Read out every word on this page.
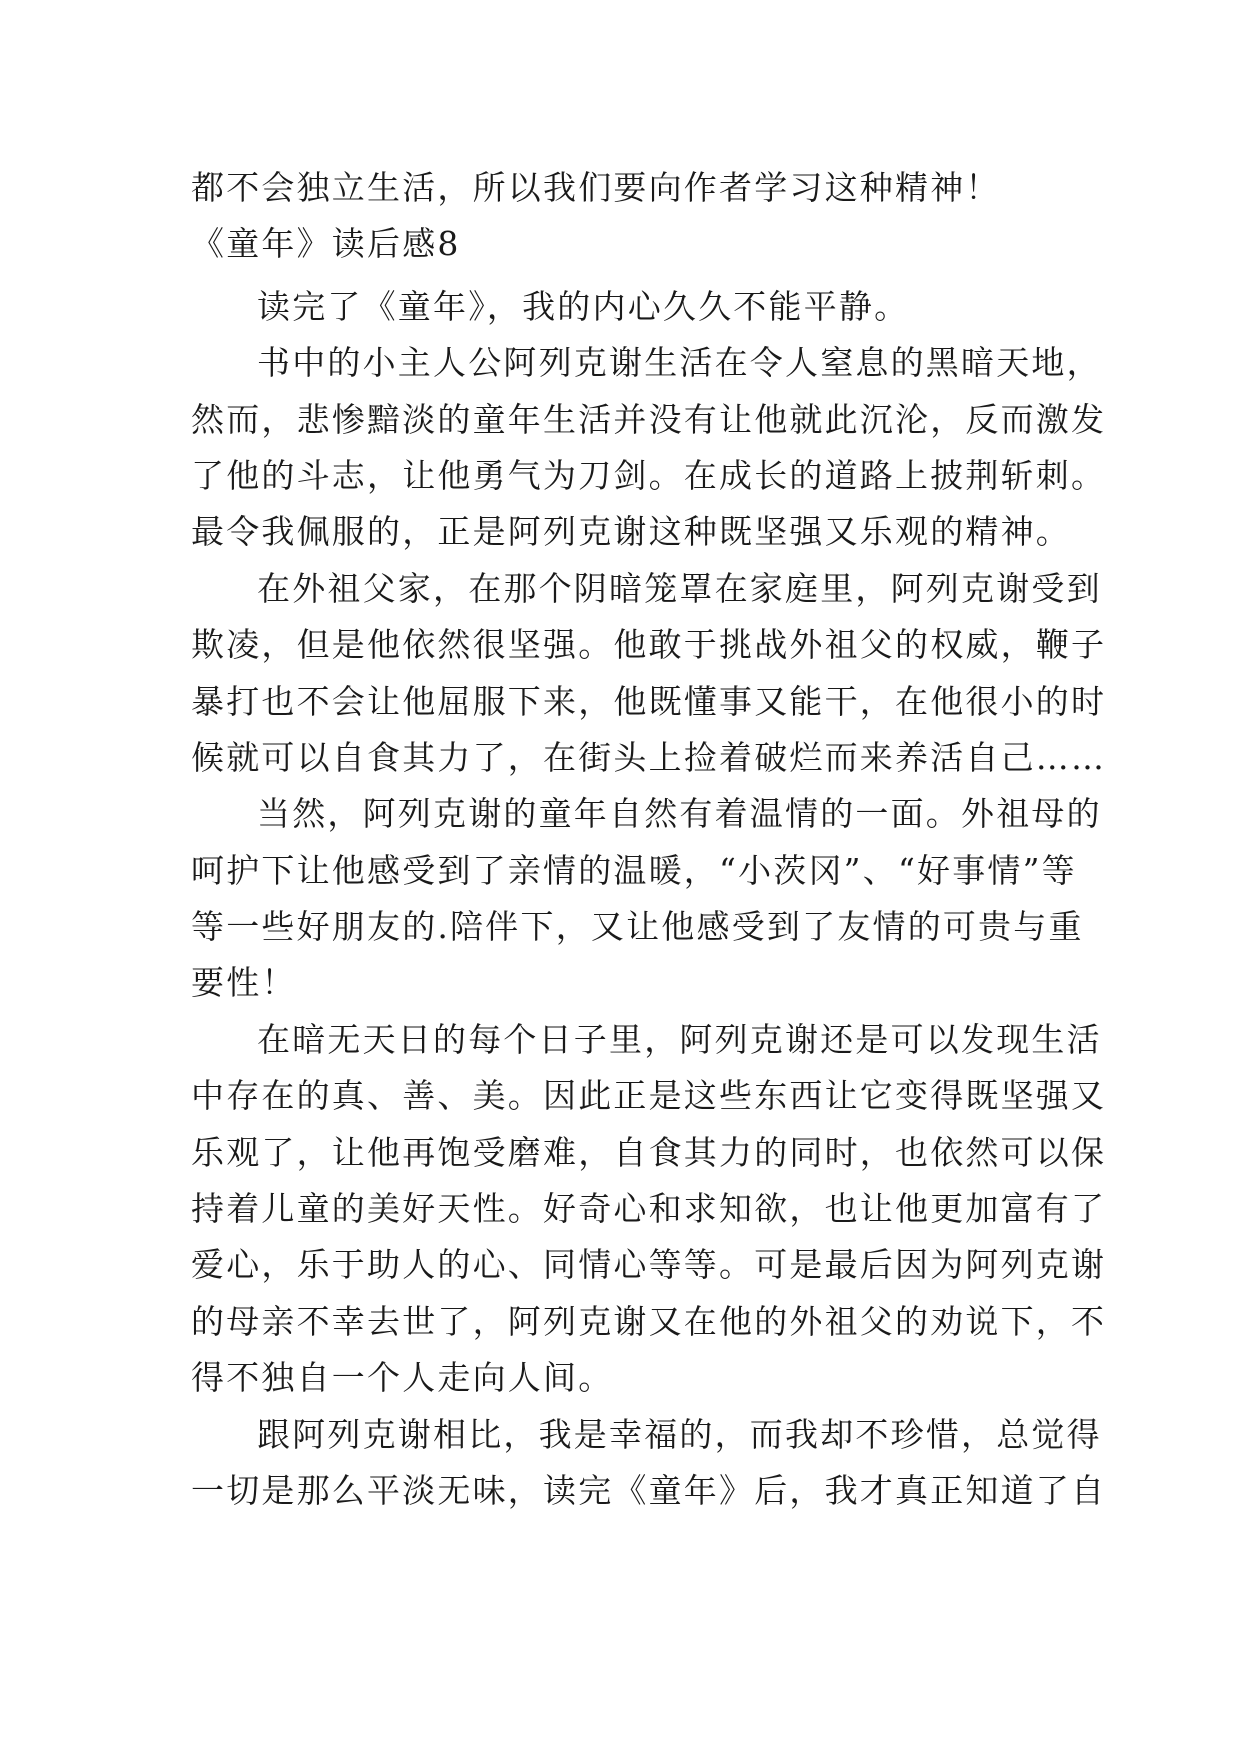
都不会独立生活，所以我们要向作者学习这种精神！
《童年》读后感8
读完了《童年》，我的内心久久不能平静。
书中的小主人公阿列克谢生活在令人窒息的黑暗天地，
然而，悲惨黯淡的童年生活并没有让他就此沉沦，反而激发
了他的斗志，让他勇气为刀剑。在成长的道路上披荆斩刺。
最令我佩服的，正是阿列克谢这种既坚强又乐观的精神。
在外祖父家，在那个阴暗笼罩在家庭里，阿列克谢受到
欺凌，但是他依然很坚强。他敢于挑战外祖父的权威，鞭子
暴打也不会让他屈服下来，他既懂事又能干，在他很小的时
候就可以自食其力了，在街头上捡着破烂而来养活自己……
当然，阿列克谢的童年自然有着温情的一面。外祖母的
呵护下让他感受到了亲情的温暖，“小茨冈”、“好事情”等
等一些好朋友的.陪伴下，又让他感受到了友情的可贵与重
要性！
在暗无天日的每个日子里，阿列克谢还是可以发现生活
中存在的真、善、美。因此正是这些东西让它变得既坚强又
乐观了，让他再饱受磨难，自食其力的同时，也依然可以保
持着儿童的美好天性。好奇心和求知欲，也让他更加富有了
爱心，乐于助人的心、同情心等等。可是最后因为阿列克谢
的母亲不幸去世了，阿列克谢又在他的外祖父的劝说下，不
得不独自一个人走向人间。
跟阿列克谢相比，我是幸福的，而我却不珍惜，总觉得
一切是那么平淡无味，读完《童年》后，我才真正知道了自
